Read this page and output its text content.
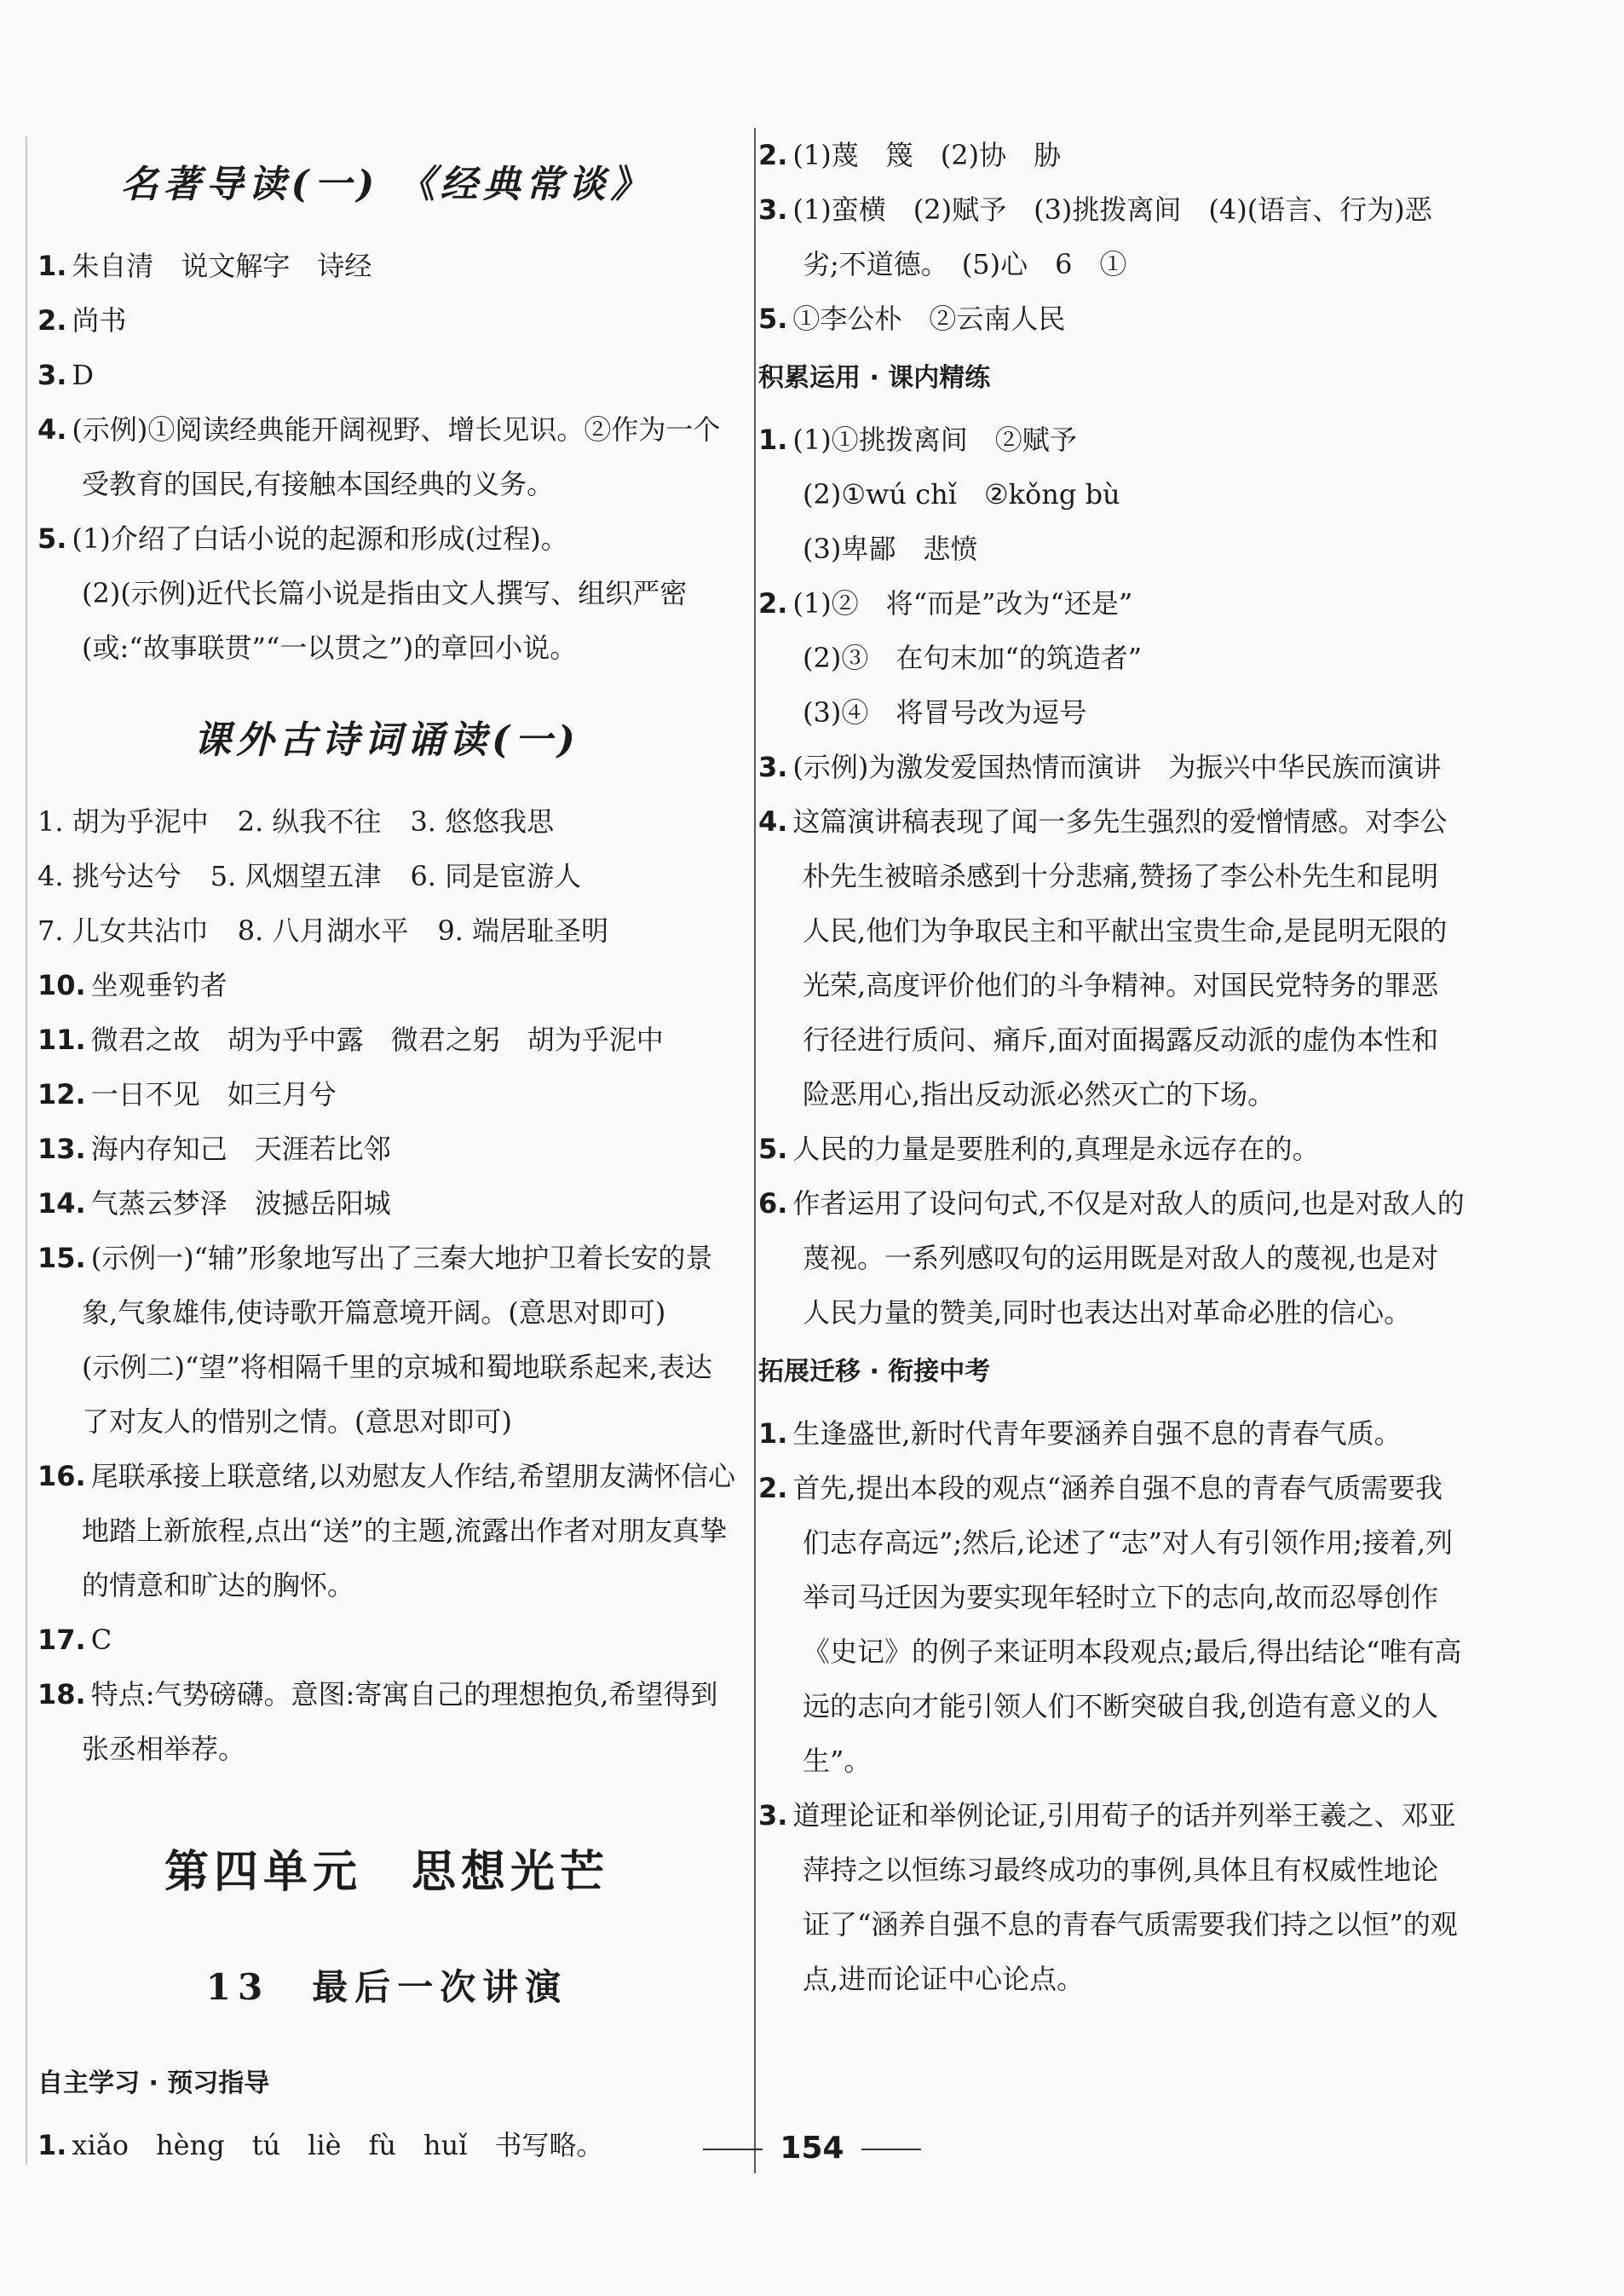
名著导读(一) 《经典常谈》
1. 朱自清　说文解字　诗经
2. 尚书
3. D
4. (示例)①阅读经典能开阔视野、增长见识。②作为一个受教育的国民,有接触本国经典的义务。
5. (1)介绍了白话小说的起源和形成(过程)。
(2)(示例)近代长篇小说是指由文人撰写、组织严密(或:“故事联贯”“一以贯之”)的章回小说。
课外古诗词诵读(一)
1. 胡为乎泥中 2. 纵我不往 3. 悠悠我思
4. 挑兮达兮 5. 风烟望五津 6. 同是宦游人
7. 儿女共沾巾 8. 八月湖水平 9. 端居耻圣明
10. 坐观垂钓者
11. 微君之故　胡为乎中露　微君之躬　胡为乎泥中
12. 一日不见　如三月兮
13. 海内存知己　天涯若比邻
14. 气蒸云梦泽　波撼岳阳城
15. (示例一)“辅”形象地写出了三秦大地护卫着长安的景象,气象雄伟,使诗歌开篇意境开阔。(意思对即可)
(示例二)“望”将相隔千里的京城和蜀地联系起来,表达了对友人的惜别之情。(意思对即可)
16. 尾联承接上联意绪,以劝慰友人作结,希望朋友满怀信心地踏上新旅程,点出“送”的主题,流露出作者对朋友真挚的情意和旷达的胸怀。
17. C
18. 特点:气势磅礴。意图:寄寓自己的理想抱负,希望得到张丞相举荐。
第四单元　思想光芒
13　最后一次讲演
自主学习 · 预习指导
1. xiǎo　hèng　tú　liè　fù　huǐ　书写略。
2. (1)蔑　篾　(2)协　胁
3. (1)蛮横　(2)赋予　(3)挑拨离间　(4)(语言、行为)恶劣;不道德。　(5)心　6　①
5. ①李公朴　②云南人民
积累运用 · 课内精练
1. (1)①挑拨离间　②赋予
(2)①wú chǐ　②kǒng bù
(3)卑鄙　悲愤
2. (1)②　将“而是”改为“还是”
(2)③　在句末加“的筑造者”
(3)④　将冒号改为逗号
3. (示例)为激发爱国热情而演讲　为振兴中华民族而演讲
4. 这篇演讲稿表现了闻一多先生强烈的爱憎情感。对李公朴先生被暗杀感到十分悲痛,赞扬了李公朴先生和昆明人民,他们为争取民主和平献出宝贵生命,是昆明无限的光荣,高度评价他们的斗争精神。对国民党特务的罪恶行径进行质问、痛斥,面对面揭露反动派的虚伪本性和险恶用心,指出反动派必然灭亡的下场。
5. 人民的力量是要胜利的,真理是永远存在的。
6. 作者运用了设问句式,不仅是对敌人的质问,也是对敌人的蔑视。一系列感叹句的运用既是对敌人的蔑视,也是对人民力量的赞美,同时也表达出对革命必胜的信心。
拓展迁移 · 衔接中考
1. 生逢盛世,新时代青年要涵养自强不息的青春气质。
2. 首先,提出本段的观点“涵养自强不息的青春气质需要我们志存高远”;然后,论述了“志”对人有引领作用;接着,列举司马迁因为要实现年轻时立下的志向,故而忍辱创作《史记》的例子来证明本段观点;最后,得出结论“唯有高远的志向才能引领人们不断突破自我,创造有意义的人生”。
3. 道理论证和举例论证,引用荀子的话并列举王羲之、邓亚萍持之以恒练习最终成功的事例,具体且有权威性地论证了“涵养自强不息的青春气质需要我们持之以恒”的观点,进而论证中心论点。
154
